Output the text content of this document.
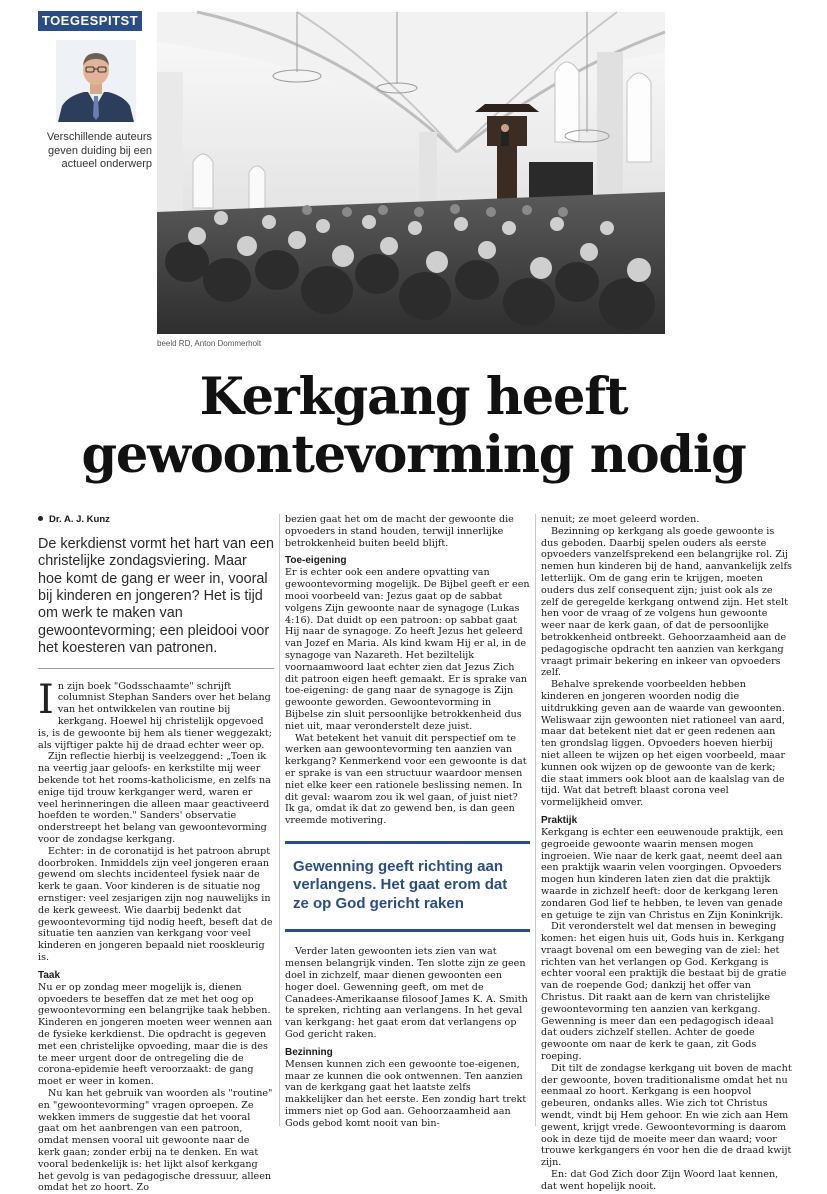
TOEGESPITST
Verschillende auteurs geven duiding bij een actueel onderwerp
beeld RD, Anton Dommerholt
Kerkgang heeft
gewoontevorming nodig
Dr. A. J. Kunz
De kerkdienst vormt het hart van een christelijke zondagsviering. Maar hoe komt de gang er weer in, vooral bij kinderen en jongeren? Het is tijd om werk te maken van gewoontevorming; een pleidooi voor het koesteren van patronen.

In zijn boek "Godsschaamte" schrijft columnist Stephan Sanders over het belang van het ontwikkelen van routine bij kerkgang. Hoewel hij christelijk opgevoed is, is de gewoonte bij hem als tiener weggezakt; als vijftiger pakte hij de draad echter weer op.

Zijn reflectie hierbij is veelzeggend: „Toen ik na veertig jaar geloofs- en kerkstilte mij weer bekende tot het rooms-katholicisme, en zelfs na enige tijd trouw kerkganger werd, waren er veel herinneringen die alleen maar geactiveerd hoefden te worden." Sanders' observatie onderstreept het belang van gewoontevorming voor de zondagse kerkgang.

Echter: in de coronatijd is het patroon abrupt doorbroken. Inmiddels zijn veel jongeren eraan gewend om slechts incidenteel fysiek naar de kerk te gaan. Voor kinderen is de situatie nog ernstiger: veel zesjarigen zijn nog nauwelijks in de kerk geweest. Wie daarbij bedenkt dat gewoontevorming tijd nodig heeft, beseft dat de situatie ten aanzien van kerkgang voor veel kinderen en jongeren bepaald niet rooskleurig is.

Taak

Nu er op zondag meer mogelijk is, dienen opvoeders te beseffen dat ze met het oog op gewoontevorming een belangrijke taak hebben. Kinderen en jongeren moeten weer wennen aan de fysieke kerkdienst. Die opdracht is gegeven met een christelijke opvoeding, maar die is des te meer urgent door de ontregeling die de corona-epidemie heeft veroorzaakt: de gang moet er weer in komen.

Nu kan het gebruik van woorden als "routine" en "gewoontevorming" vragen oproepen. Ze wekken immers de suggestie dat het vooral gaat om het aanbrengen van een patroon, omdat mensen vooral uit gewoonte naar de kerk gaan; zonder erbij na te denken. En wat vooral bedenkelijk is: het lijkt alsof kerkgang het gevolg is van pedagogische dressuur, alleen omdat het zo hoort. Zo

bezien gaat het om de macht der gewoonte die opvoeders in stand houden, terwijl innerlijke betrokkenheid buiten beeld blijft.

Toe-eigening

Er is echter ook een andere opvatting van gewoontevorming mogelijk. De Bijbel geeft er een mooi voorbeeld van: Jezus gaat op de sabbat volgens Zijn gewoonte naar de synagoge (Lukas 4:16). Dat duidt op een patroon: op sabbat gaat Hij naar de synagoge. Zo heeft Jezus het geleerd van Jozef en Maria. Als kind kwam Hij er al, in de synagoge van Nazareth. Het beziltelijk voornaamwoord laat echter zien dat Jezus Zich dit patroon eigen heeft gemaakt. Er is sprake van toe-eigening: de gang naar de synagoge is Zijn gewoonte geworden. Gewoontevorming in Bijbelse zin sluit persoonlijke betrokkenheid dus niet uit, maar veronderstelt deze juist.

Wat betekent het vanuit dit perspectief om te werken aan gewoontevorming ten aanzien van kerkgang? Kenmerkend voor een gewoonte is dat er sprake is van een structuur waardoor mensen niet elke keer een rationele beslissing nemen. In dit geval: waarom zou ik wel gaan, of juist niet? Ik ga, omdat ik dat zo gewend ben, is dan geen vreemde motivering.

Gewenning geeft richting aan verlangens. Het gaat erom dat ze op God gericht raken

Verder laten gewoonten iets zien van wat mensen belangrijk vinden. Ten slotte zijn ze geen doel in zichzelf, maar dienen gewoonten een hoger doel. Gewenning geeft, om met de Canadees-Amerikaanse filosoof James K. A. Smith te spreken, richting aan verlangens. In het geval van kerkgang: het gaat erom dat verlangens op God gericht raken.

Bezinning

Mensen kunnen zich een gewoonte toe-eigenen, maar ze kunnen die ook ontwennen. Ten aanzien van de kerkgang gaat het laatste zelfs makkelijker dan het eerste. Een zondig hart trekt immers niet op God aan. Gehoorzaamheid aan Gods gebod komt nooit van bin-

nenuit; ze moet geleerd worden.

Bezinning op kerkgang als goede gewoonte is dus geboden. Daarbij spelen ouders als eerste opvoeders vanzelfsprekend een belangrijke rol. Zij nemen hun kinderen bij de hand, aanvankelijk zelfs letterlijk. Om de gang erin te krijgen, moeten ouders dus zelf consequent zijn; juist ook als ze zelf de geregelde kerkgang ontwend zijn. Het stelt hen voor de vraag of ze volgens hun gewoonte weer naar de kerk gaan, of dat de persoonlijke betrokkenheid ontbreekt. Gehoorzaamheid aan de pedagogische opdracht ten aanzien van kerkgang vraagt primair bekering en inkeer van opvoeders zelf.

Behalve sprekende voorbeelden hebben kinderen en jongeren woorden nodig die uitdrukking geven aan de waarde van gewoonten. Weliswaar zijn gewoonten niet rationeel van aard, maar dat betekent niet dat er geen redenen aan ten grondslag liggen. Opvoeders hoeven hierbij niet alleen te wijzen op het eigen voorbeeld, maar kunnen ook wijzen op de gewoonte van de kerk; die staat immers ook bloot aan de kaalslag van de tijd. Wat dat betreft blaast corona veel vormelijkheid omver.

Praktijk

Kerkgang is echter een eeuwenoude praktijk, een gegroeide gewoonte waarin mensen mogen ingroeien. Wie naar de kerk gaat, neemt deel aan een praktijk waarin velen voorgingen. Opvoeders mogen hun kinderen laten zien dat die praktijk waarde in zichzelf heeft: door de kerkgang leren zondaren God lief te hebben, te leven van genade en getuige te zijn van Christus en Zijn Koninkrijk.

Dit veronderstelt wel dat mensen in beweging komen: het eigen huis uit, Gods huis in. Kerkgang vraagt bovenal om een beweging van de ziel: het richten van het verlangen op God. Kerkgang is echter vooral een praktijk die bestaat bij de gratie van de roepende God; dankzij het offer van Christus. Dit raakt aan de kern van christelijke gewoontevorming ten aanzien van kerkgang. Gewenning is meer dan een pedagogisch ideaal dat ouders zichzelf stellen. Achter de goede gewoonte om naar de kerk te gaan, zit Gods roeping.

Dit tilt de zondagse kerkgang uit boven de macht der gewoonte, boven traditionalisme omdat het nu eenmaal zo hoort. Kerkgang is een hoopvol gebeuren, ondanks alles. Wie zich tot Christus wendt, vindt bij Hem gehoor. En wie zich aan Hem gewent, krijgt vrede. Gewoontevorming is daarom ook in deze tijd de moeite meer dan waard; voor trouwe kerkgangers én voor hen die de draad kwijt zijn.

En: dat God Zich door Zijn Woord laat kennen, dat went hopelijk nooit.
